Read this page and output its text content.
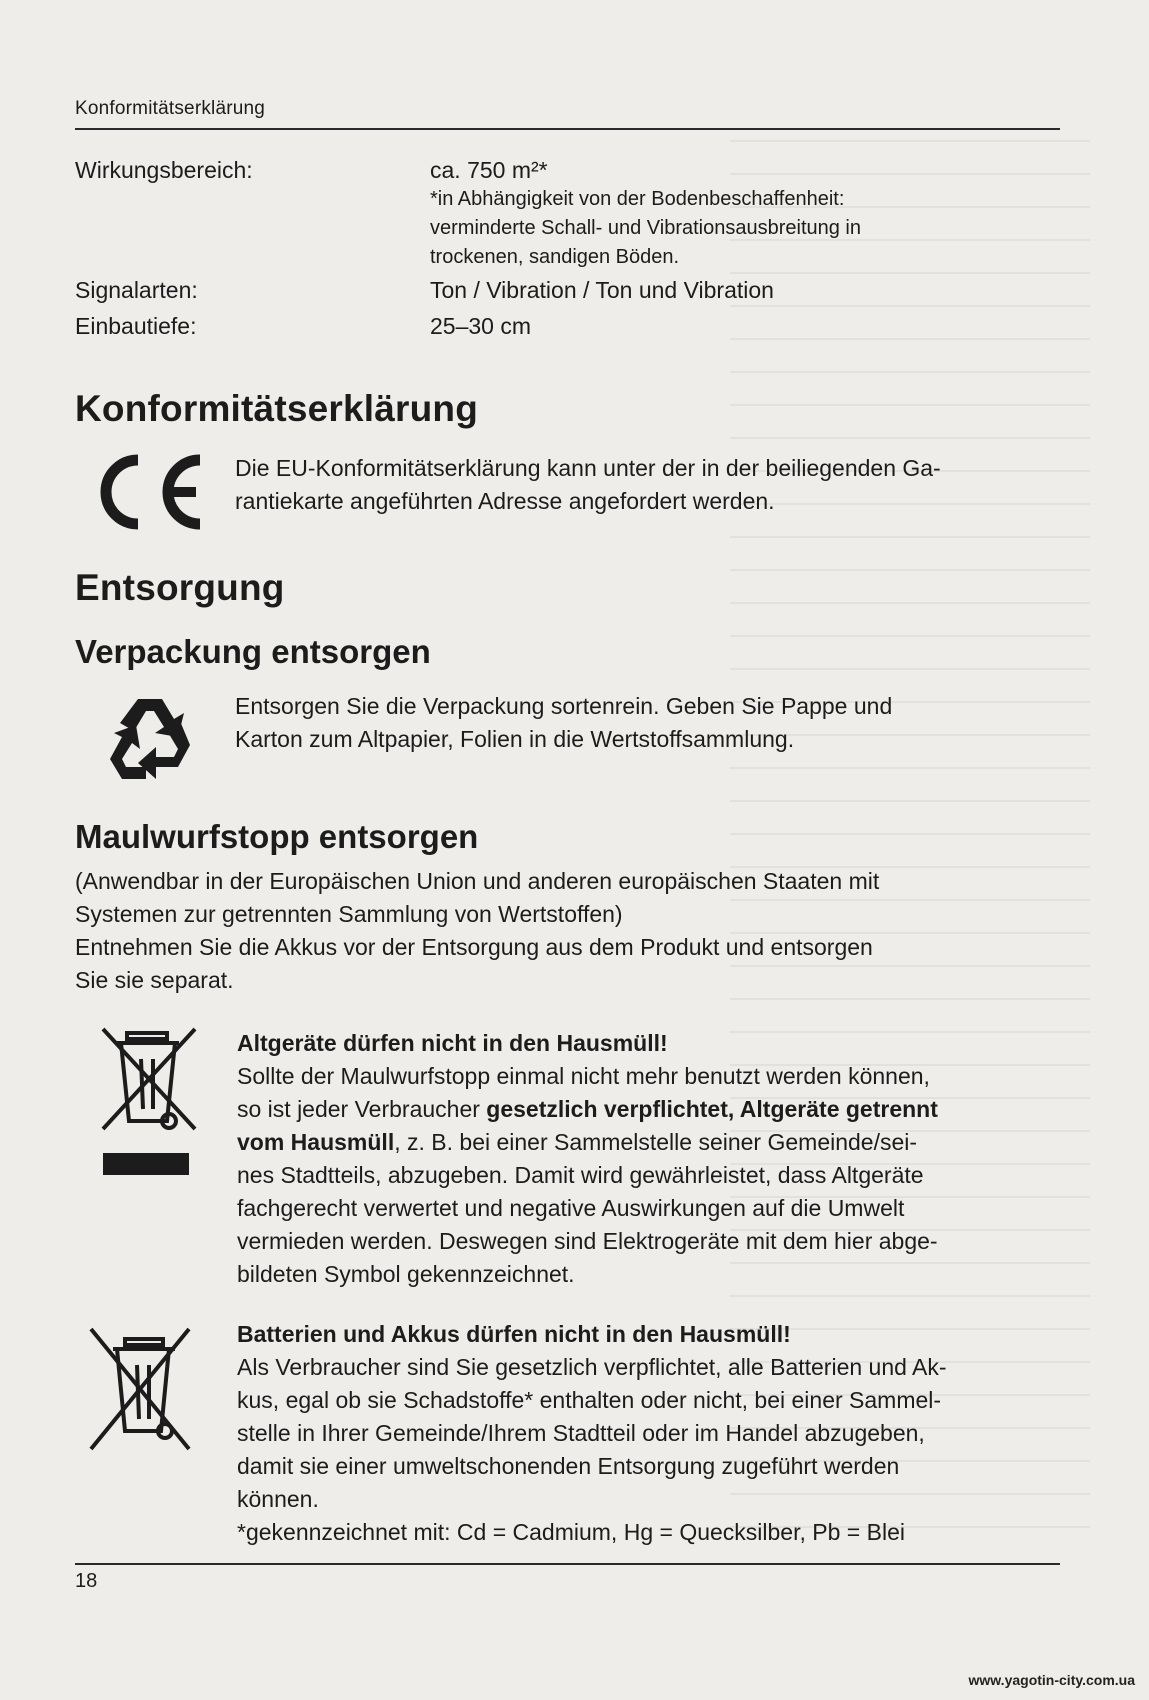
Konformitätserklärung
Wirkungsbereich:	ca. 750 m²*
*in Abhängigkeit von der Bodenbeschaffenheit:
verminderte Schall- und Vibrationsausbreitung in
trockenen, sandigen Böden.
Signalarten:	Ton / Vibration / Ton und Vibration
Einbautiefe:	25–30 cm
Konformitätserklärung
Die EU-Konformitätserklärung kann unter der in der beiliegenden Ga-
rantiekarte angeführten Adresse angefordert werden.
Entsorgung
Verpackung entsorgen
Entsorgen Sie die Verpackung sortenrein. Geben Sie Pappe und
Karton zum Altpapier, Folien in die Wertstoffsammlung.
Maulwurfstopp entsorgen
(Anwendbar in der Europäischen Union und anderen europäischen Staaten mit
Systemen zur getrennten Sammlung von Wertstoffen)
Entnehmen Sie die Akkus vor der Entsorgung aus dem Produkt und entsorgen
Sie sie separat.
Altgeräte dürfen nicht in den Hausmüll!
Sollte der Maulwurfstopp einmal nicht mehr benutzt werden können,
so ist jeder Verbraucher gesetzlich verpflichtet, Altgeräte getrennt
vom Hausmüll, z. B. bei einer Sammelstelle seiner Gemeinde/sei-
nes Stadtteils, abzugeben. Damit wird gewährleistet, dass Altgeräte
fachgerecht verwertet und negative Auswirkungen auf die Umwelt
vermieden werden. Deswegen sind Elektrogeräte mit dem hier abge-
bildeten Symbol gekennzeichnet.
Batterien und Akkus dürfen nicht in den Hausmüll!
Als Verbraucher sind Sie gesetzlich verpflichtet, alle Batterien und Ak-
kus, egal ob sie Schadstoffe* enthalten oder nicht, bei einer Sammel-
stelle in Ihrer Gemeinde/Ihrem Stadtteil oder im Handel abzugeben,
damit sie einer umweltschonenden Entsorgung zugeführt werden
können.
*gekennzeichnet mit: Cd = Cadmium, Hg = Quecksilber, Pb = Blei
18
www.yagotin-city.com.ua
